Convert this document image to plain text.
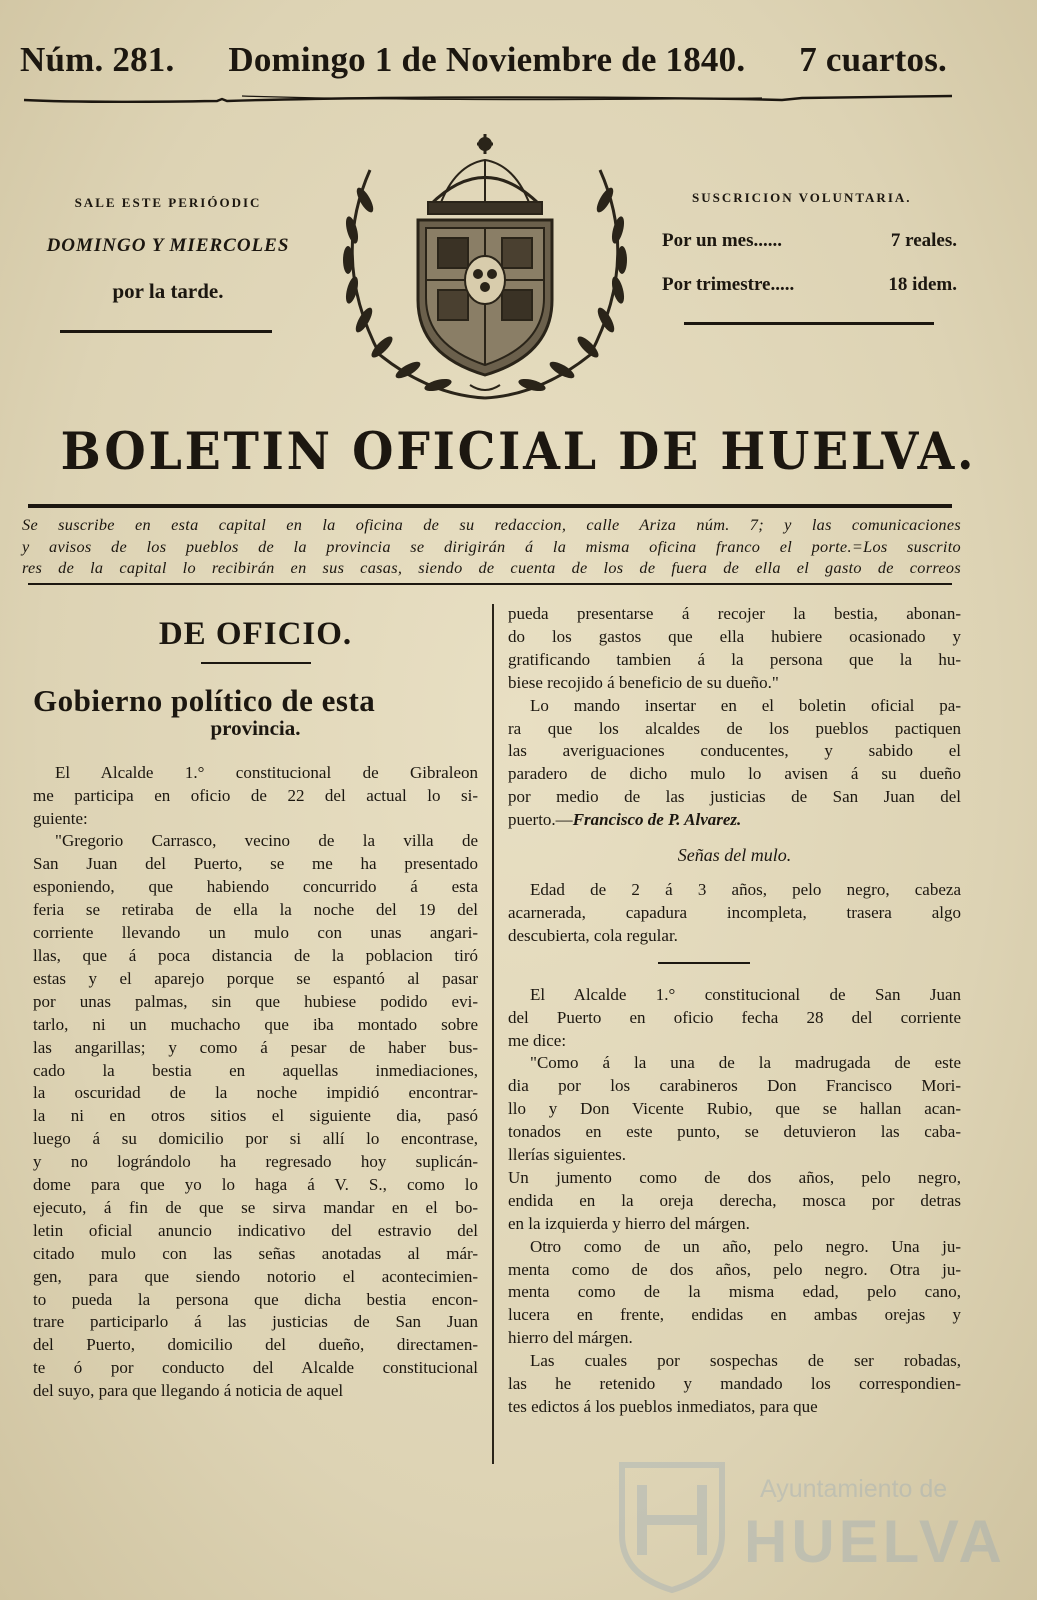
Núm. 281. Domingo 1 de Noviembre de 1840. 7 cuartos.
SALE ESTE PERIÓODIC
DOMINGO Y MIERCOLES
por la tarde.
SUSCRICION VOLUNTARIA.
Por un mes......	7 reales.
Por trimestre.....	18 idem.
BOLETIN OFICIAL DE HUELVA.
Se suscribe en esta capital en la oficina de su redaccion, calle Ariza núm. 7; y las comunicaciones
y avisos de los pueblos de la provincia se dirigirán á la misma oficina franco el porte.=Los suscrito
res de la capital lo recibirán en sus casas, siendo de cuenta de los de fuera de ella el gasto de correos
DE OFICIO.
Gobierno político de esta
provincia.
El Alcalde 1.° constitucional de Gibraleon
me participa en oficio de 22 del actual lo si-
guiente:
"Gregorio Carrasco, vecino de la villa de
San Juan del Puerto, se me ha presentado
esponiendo, que habiendo concurrido á esta
feria se retiraba de ella la noche del 19 del
corriente llevando un mulo con unas angari-
llas, que á poca distancia de la poblacion tiró
estas y el aparejo porque se espantó al pasar
por unas palmas, sin que hubiese podido evi-
tarlo, ni un muchacho que iba montado sobre
las angarillas; y como á pesar de haber bus-
cado la bestia en aquellas inmediaciones,
la oscuridad de la noche impidió encontrar-
la ni en otros sitios el siguiente dia, pasó
luego á su domicilio por si allí lo encontrase,
y no lográndolo ha regresado hoy suplicán-
dome para que yo lo haga á V. S., como lo
ejecuto, á fin de que se sirva mandar en el bo-
letin oficial anuncio indicativo del estravio del
citado mulo con las señas anotadas al már-
gen, para que siendo notorio el acontecimien-
to pueda la persona que dicha bestia encon-
trare participarlo á las justicias de San Juan
del Puerto, domicilio del dueño, directamen-
te ó por conducto del Alcalde constitucional
del suyo, para que llegando á noticia de aquel
pueda presentarse á recojer la bestia, abonan-
do los gastos que ella hubiere ocasionado y
gratificando tambien á la persona que la hu-
biese recojido á beneficio de su dueño."
Lo mando insertar en el boletin oficial pa-
ra que los alcaldes de los pueblos pactiquen
las averiguaciones conducentes, y sabido el
paradero de dicho mulo lo avisen á su dueño
por medio de las justicias de San Juan del
puerto.—Francisco de P. Alvarez.
Señas del mulo.
Edad de 2 á 3 años, pelo negro, cabeza
acarnerada, capadura incompleta, trasera algo
descubierta, cola regular.
El Alcalde 1.° constitucional de San Juan
del Puerto en oficio fecha 28 del corriente
me dice:
"Como á la una de la madrugada de este
dia por los carabineros Don Francisco Mori-
llo y Don Vicente Rubio, que se hallan acan-
tonados en este punto, se detuvieron las caba-
llerías siguientes.
Un jumento como de dos años, pelo negro,
endida en la oreja derecha, mosca por detras
en la izquierda y hierro del márgen.
Otro como de un año, pelo negro. Una ju-
menta como de dos años, pelo negro. Otra ju-
menta como de la misma edad, pelo cano,
lucera en frente, endidas en ambas orejas y
hierro del márgen.
Las cuales por sospechas de ser robadas,
las he retenido y mandado los correspondien-
tes edictos á los pueblos inmediatos, para que
Ayuntamiento de
HUELVA
